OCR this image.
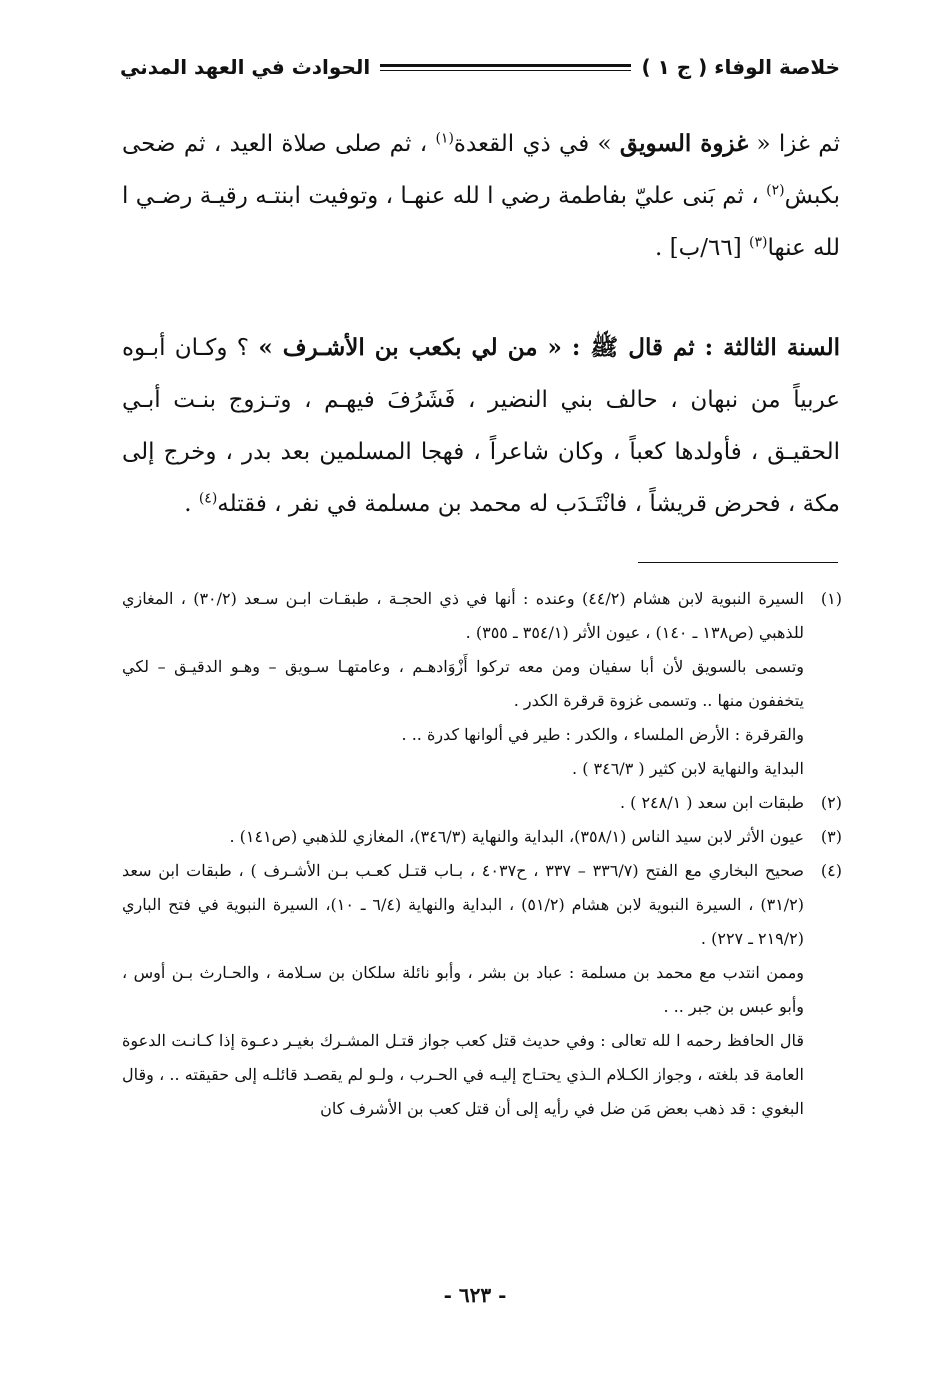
خلاصة الوفاء ( ج ١ )
الحوادث في العهد المدني

ثم غزا « غزوة السويق » في ذي القعدة$^{(١)}$ ، ثم صلى صلاة العيد ، ثم ضحى بكبش$^{(٢)}$ ، ثم بَنى عليّ بفاطمة رضي ا لله عنهـا ، وتوفيت ابنتـه رقيـة رضـي ا لله عنها$^{(٣)}$ [٦٦/ب] .

السنة الثالثة : ثم قال ﷺ : « من لي بكعب بن الأشـرف » ؟ وكـان أبـوه عربياً من نبهان ، حالف بني النضير ، فَشَرُفَ فيهـم ، وتـزوج بنـت أبـي الحقيـق ، فأولدها كعباً ، وكان شاعراً ، فهجا المسلمين بعد بدر ، وخرج إلى مكة ، فحرض قريشاً ، فانْتَـدَب له محمد بن مسلمة في نفر ، فقتله$^{(٤)}$ .

(١)

السيرة النبوية لابن هشام (٤٤/٢) وعنده : أنها في ذي الحجـة ، طبقـات ابـن سـعد (٣٠/٢) ، المغازي للذهبي (ص١٣٨ ـ ١٤٠) ، عيون الأثر (٣٥٤/١ ـ ٣٥٥) .

وتسمى بالسويق لأن أبا سفيان ومن معه تركوا أَزْوَادهـم ، وعامتهـا سـويق – وهـو الدقيـق – لكي يتخففون منها .. وتسمى غزوة قرقرة الكدر .

والقرقرة : الأرض الملساء ، والكدر : طير في ألوانها كدرة .. .

البداية والنهاية لابن كثير ( ٣٤٦/٣ ) .

(٢)

طبقات ابن سعد ( ٢٤٨/١ ) .

(٣)

عيون الأثر لابن سيد الناس (٣٥٨/١)، البداية والنهاية (٣٤٦/٣)، المغازي للذهبي (ص١٤١) .

(٤)

صحيح البخاري مع الفتح (٣٣٦/٧ – ٣٣٧ ، ح٤٠٣٧ ، بـاب قتـل كعـب بـن الأشـرف ) ، طبقات ابن سعد (٣١/٢) ، السيرة النبوية لابن هشام (٥١/٢) ، البداية والنهاية (٦/٤ ـ ١٠)، السيرة النبوية في فتح الباري (٢١٩/٢ ـ ٢٢٧) .

وممن انتدب مع محمد بن مسلمة : عباد بن بشر ، وأبو نائلة سلكان بن سـلامة ، والحـارث بـن أوس ، وأبو عبس بن جبر .. .

قال الحافظ رحمه ا لله تعالى : وفي حديث قتل كعب جواز قتـل المشـرك بغيـر دعـوة إذا كـانـت الدعوة العامة قد بلغته ، وجواز الكـلام الـذي يحتـاج إليـه في الحـرب ، ولـو لم يقصـد قائلـه إلى حقيقته .. ، وقال البغوي : قد ذهب بعض مَن ضل في رأيه إلى أن قتل كعب بن الأشرف كان

- ٦٢٣ -
